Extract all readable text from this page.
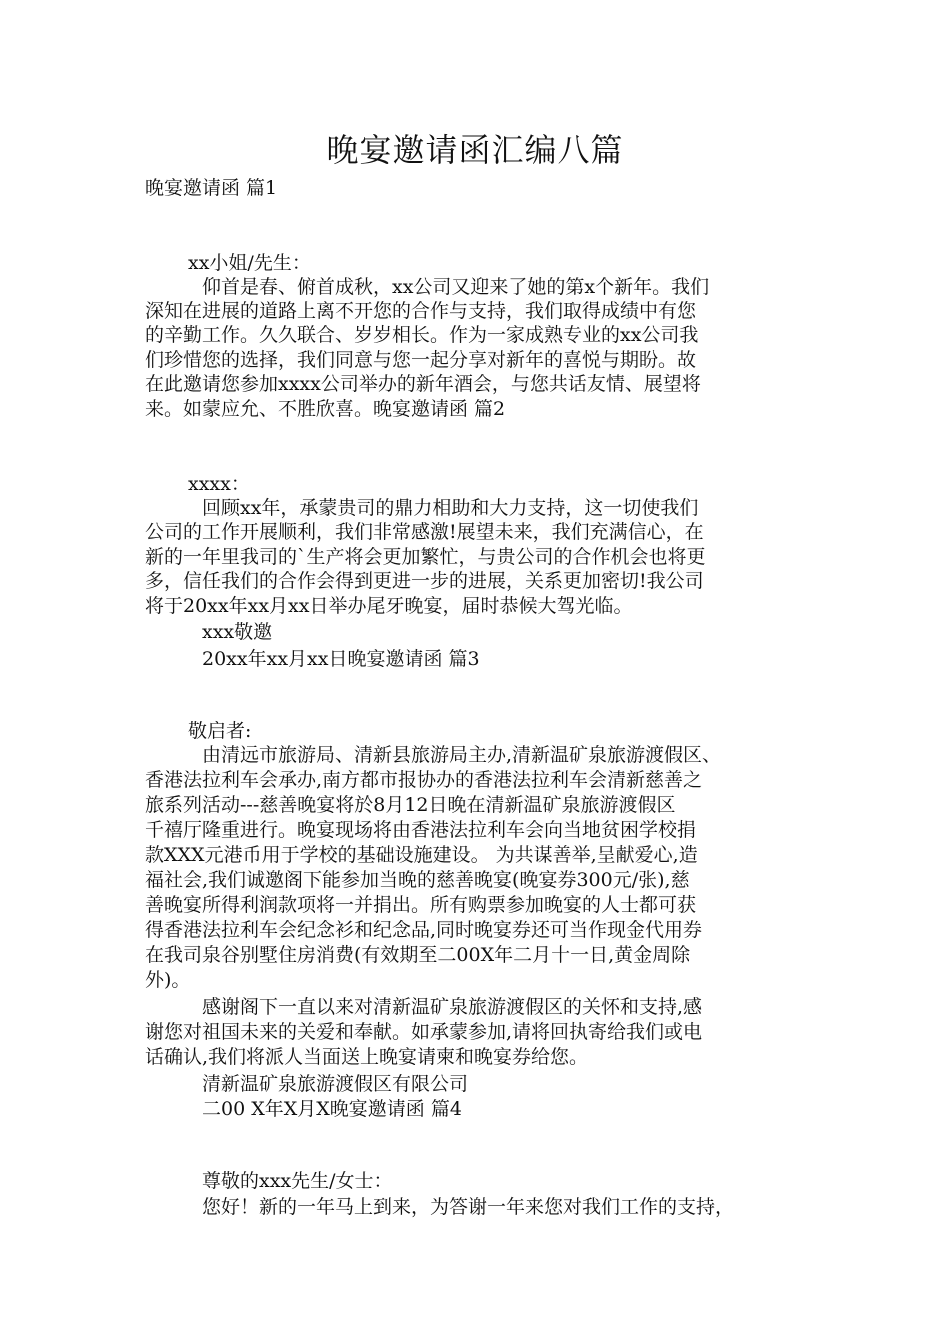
晚宴邀请函汇编八篇
晚宴邀请函 篇1
xx小姐/先生：
仰首是春、俯首成秋，xx公司又迎来了她的第x个新年。我们
深知在进展的道路上离不开您的合作与支持，我们取得成绩中有您
的辛勤工作。久久联合、岁岁相长。作为一家成熟专业的xx公司我
们珍惜您的选择，我们同意与您一起分享对新年的喜悦与期盼。故
在此邀请您参加xxxx公司举办的新年酒会，与您共话友情、展望将
来。如蒙应允、不胜欣喜。晚宴邀请函 篇2
xxxx：
回顾xx年，承蒙贵司的鼎力相助和大力支持，这一切使我们
公司的工作开展顺利，我们非常感激!展望未来，我们充满信心，在
新的一年里我司的`生产将会更加繁忙，与贵公司的合作机会也将更
多，信任我们的合作会得到更进一步的进展，关系更加密切!我公司
将于20xx年xx月xx日举办尾牙晚宴，届时恭候大驾光临。
xxx敬邀
20xx年xx月xx日晚宴邀请函 篇3
敬启者:
由清远市旅游局、清新县旅游局主办,清新温矿泉旅游渡假区、
香港法拉利车会承办,南方都市报协办的香港法拉利车会清新慈善之
旅系列活动---慈善晚宴将於8月12日晚在清新温矿泉旅游渡假区
千禧厅隆重进行。晚宴现场将由香港法拉利车会向当地贫困学校捐
款XXX元港币用于学校的基础设施建设。 为共谋善举,呈献爱心,造
福社会,我们诚邀阁下能参加当晚的慈善晚宴(晚宴券300元/张),慈
善晚宴所得利润款项将一并捐出。所有购票参加晚宴的人士都可获
得香港法拉利车会纪念衫和纪念品,同时晚宴券还可当作现金代用券
在我司泉谷别墅住房消费(有效期至二00X年二月十一日,黄金周除
外)。
感谢阁下一直以来对清新温矿泉旅游渡假区的关怀和支持,感
谢您对祖国未来的关爱和奉献。如承蒙参加,请将回执寄给我们或电
话确认,我们将派人当面送上晚宴请柬和晚宴券给您。
清新温矿泉旅游渡假区有限公司
二00 X年X月X晚宴邀请函 篇4
尊敬的xxx先生/女士：
您好！新的一年马上到来，为答谢一年来您对我们工作的支持，
